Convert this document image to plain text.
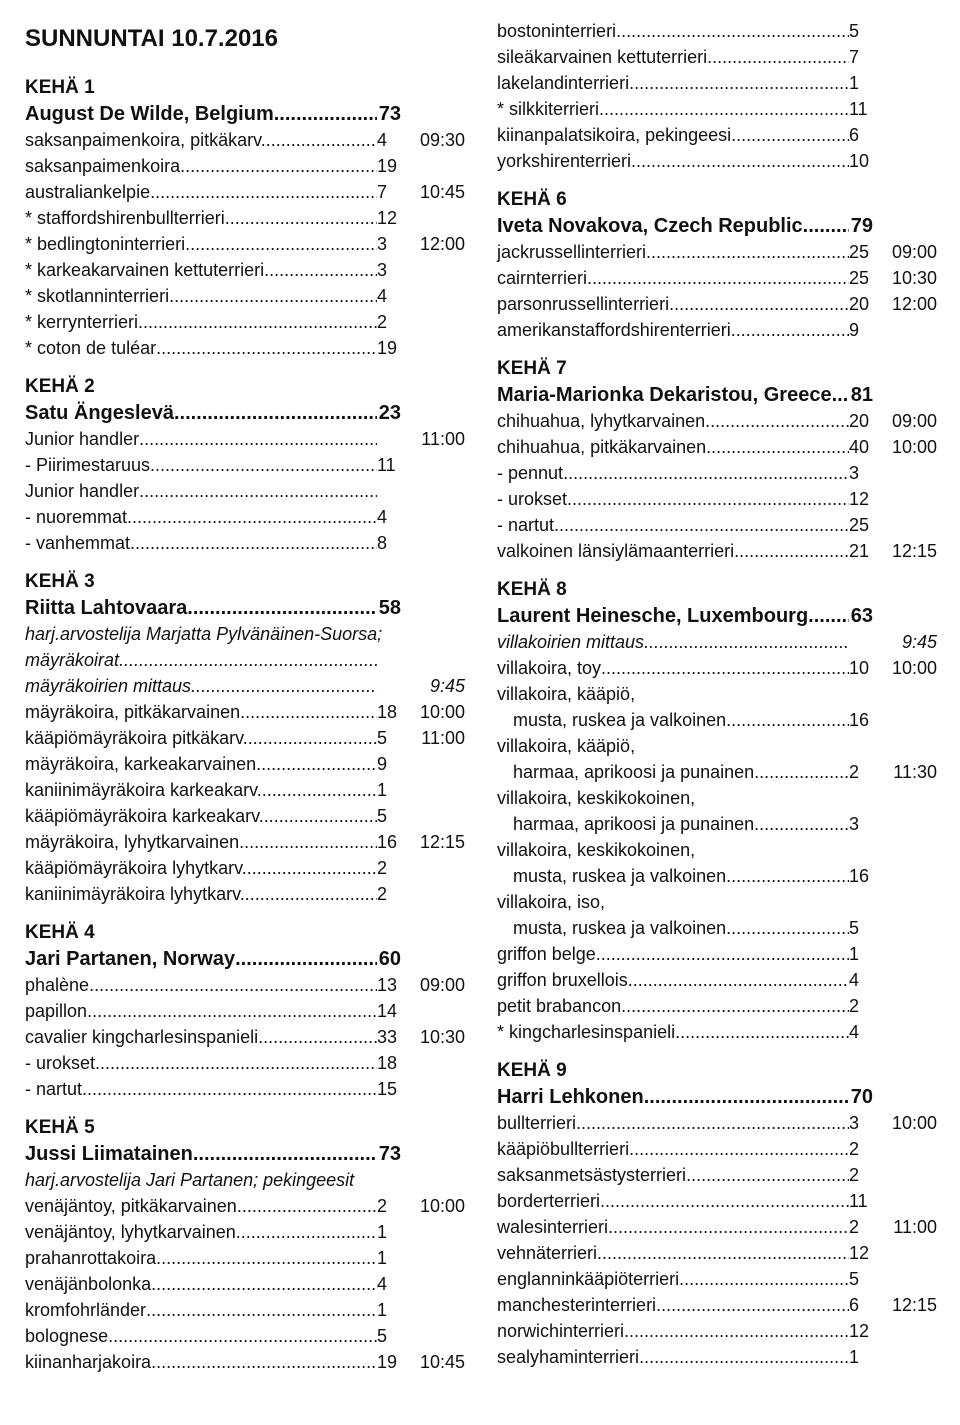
SUNNUNTAI 10.7.2016
KEHÄ 1
August De Wilde, Belgium .....	73
saksanpaimenkoira, pitkäkarv. .....	4	09:30
saksanpaimenkoira .....	19
australiankelpie .....	7	10:45
* staffordshirenbullterrieri .....	12
* bedlingtoninterrieri .....	3	12:00
* karkeakarvainen kettuterrieri .....	3
* skotlanninterrieri .....	4
* kerrynterrieri .....	2
* coton de tuléar .....	19
KEHÄ 2
Satu Ängeslevä .....	23
Junior handler .....	11:00
- Piirimestaruus .....	11
Junior handler
.....
- nuoremmat .....	4
- vanhemmat .....	8
KEHÄ 3
Riitta Lahtovaara .....	58
harj.arvostelija Marjatta Pylvänäinen-Suorsa;
mäyräkoirat
.....
mäyräkoirien mittaus .....	9:45
mäyräkoira, pitkäkarvainen .....	18	10:00
kääpiömäyräkoira pitkäkarv. .....	5	11:00
mäyräkoira, karkeakarvainen .....	9
kaniinimäyräkoira karkeakarv. .....	1
kääpiömäyräkoira karkeakarv. .....	5
mäyräkoira, lyhytkarvainen .....	16	12:15
kääpiömäyräkoira lyhytkarv. .....	2
kaniinimäyräkoira lyhytkarv. .....	2
KEHÄ 4
Jari Partanen, Norway .....	60
phalène .....	13	09:00
papillon .....	14
cavalier kingcharlesinspanieli .....	33	10:30
- urokset .....	18
- nartut .....	15
KEHÄ 5
Jussi Liimatainen .....	73
harj.arvostelija Jari Partanen; pekingeesit
venäjäntoy, pitkäkarvainen .....	2	10:00
venäjäntoy, lyhytkarvainen .....	1
prahanrottakoira .....	1
venäjänbolonka .....	4
kromfohrländer .....	1
bolognese .....	5
kiinanharjakoira .....	19	10:45
bostoninterrieri .....	5
sileäkarvainen kettuterrieri .....	7
lakelandinterrieri .....	1
* silkkiterrieri .....	11
kiinanpalatsikoira, pekingeesi .....	6
yorkshirenterrieri .....	10
KEHÄ 6
Iveta Novakova, Czech Republic ..... 79
jackrussellinterrieri .....	25	09:00
cairnterrieri .....	25	10:30
parsonrussellinterrieri .....	20	12:00
amerikanstaffordshirenterrieri .....	9
KEHÄ 7
Maria-Marionka Dekaristou, Greece ..... 81
chihuahua, lyhytkarvainen .....	20	09:00
chihuahua, pitkäkarvainen .....	40	10:00
- pennut .....	3
- urokset .....	12
- nartut .....	25
valkoinen länsiylämaanterrieri .....	21	12:15
KEHÄ 8
Laurent Heinesche, Luxembourg ..... 63
villakoirien mittaus .....	9:45
villakoira, toy .....	10	10:00
villakoira, kääpiö,
musta, ruskea ja valkoinen .....	16
villakoira, kääpiö,
harmaa, aprikoosi ja punainen .....	2	11:30
villakoira, keskikokoinen,
harmaa, aprikoosi ja punainen .....	3
villakoira, keskikokoinen,
musta, ruskea ja valkoinen .....	16
villakoira, iso,
musta, ruskea ja valkoinen .....	5
griffon belge .....	1
griffon bruxellois .....	4
petit brabancon .....	2
* kingcharlesinspanieli .....	4
KEHÄ 9
Harri Lehkonen .....	70
bullterrieri .....	3	10:00
kääpiöbullterrieri .....	2
saksanmetsästysterrieri .....	2
borderterrieri .....	11
walesinterrieri .....	2	11:00
vehnäterrieri .....	12
englanninkääpiöterrieri .....	5
manchesterinterrieri .....	6	12:15
norwichinterrieri .....	12
sealyhaminterrieri .....	1
